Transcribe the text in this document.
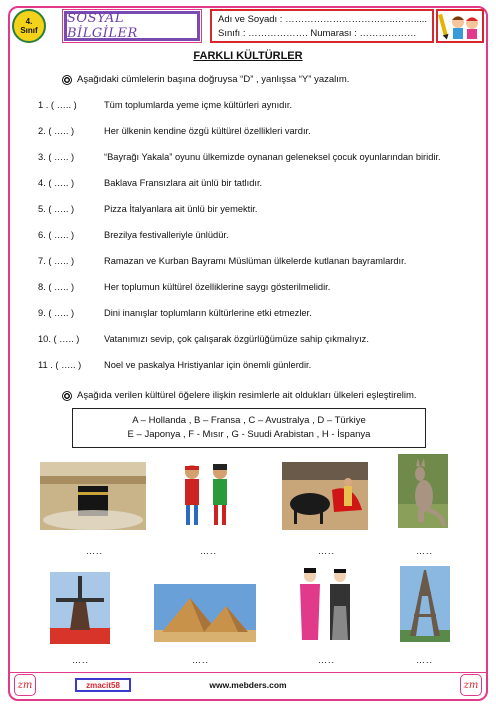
4.
Sınıf
SOSYAL BİLGİLER
Adı ve Soyadı : ……………………………..…….....
Sınıfı : ………………. Numarası : ………………
FARKLI KÜLTÜRLER
Aşağıdaki cümlelerin başına doğruysa “D” , yanlışsa “Y” yazalım.
1 . ( ….. )	Tüm toplumlarda yeme içme kültürleri aynıdır.
2. ( ….. )	Her ülkenin kendine özgü kültürel özellikleri vardır.
3. ( ….. )	“Bayrağı Yakala” oyunu ülkemizde oynanan geleneksel çocuk oyunlarından biridir.
4. ( ….. )	Baklava Fransızlara ait ünlü bir tatlıdır.
5. ( ….. )	Pizza İtalyanlara ait ünlü bir yemektir.
6. ( ….. )	Brezilya festivalleriyle ünlüdür.
7. ( ….. )	Ramazan ve Kurban Bayramı Müslüman ülkelerde kutlanan bayramlardır.
8. ( ….. )	Her toplumun kültürel özelliklerine saygı gösterilmelidir.
9. ( ….. )	Dini inanışlar toplumların kültürlerine etki etmezler.
10. ( ….. )	Vatanımızı sevip, çok çalışarak özgürlüğümüze sahip çıkmalıyız.
11 . ( ….. ) Noel ve paskalya Hristiyanlar için önemli günlerdir.
Aşağıda verilen kültürel öğelere ilişkin resimlerle ait oldukları ülkeleri eşleştirelim.
A – Hollanda , B – Fransa , C – Avustralya , D – Türkiye
E – Japonya , F - Mısır , G - Suudi Arabistan , H - İspanya
…..	…..	…..	…..
…..	…..	…..	…..
zm	zmacit58	www.mebders.com	zm
